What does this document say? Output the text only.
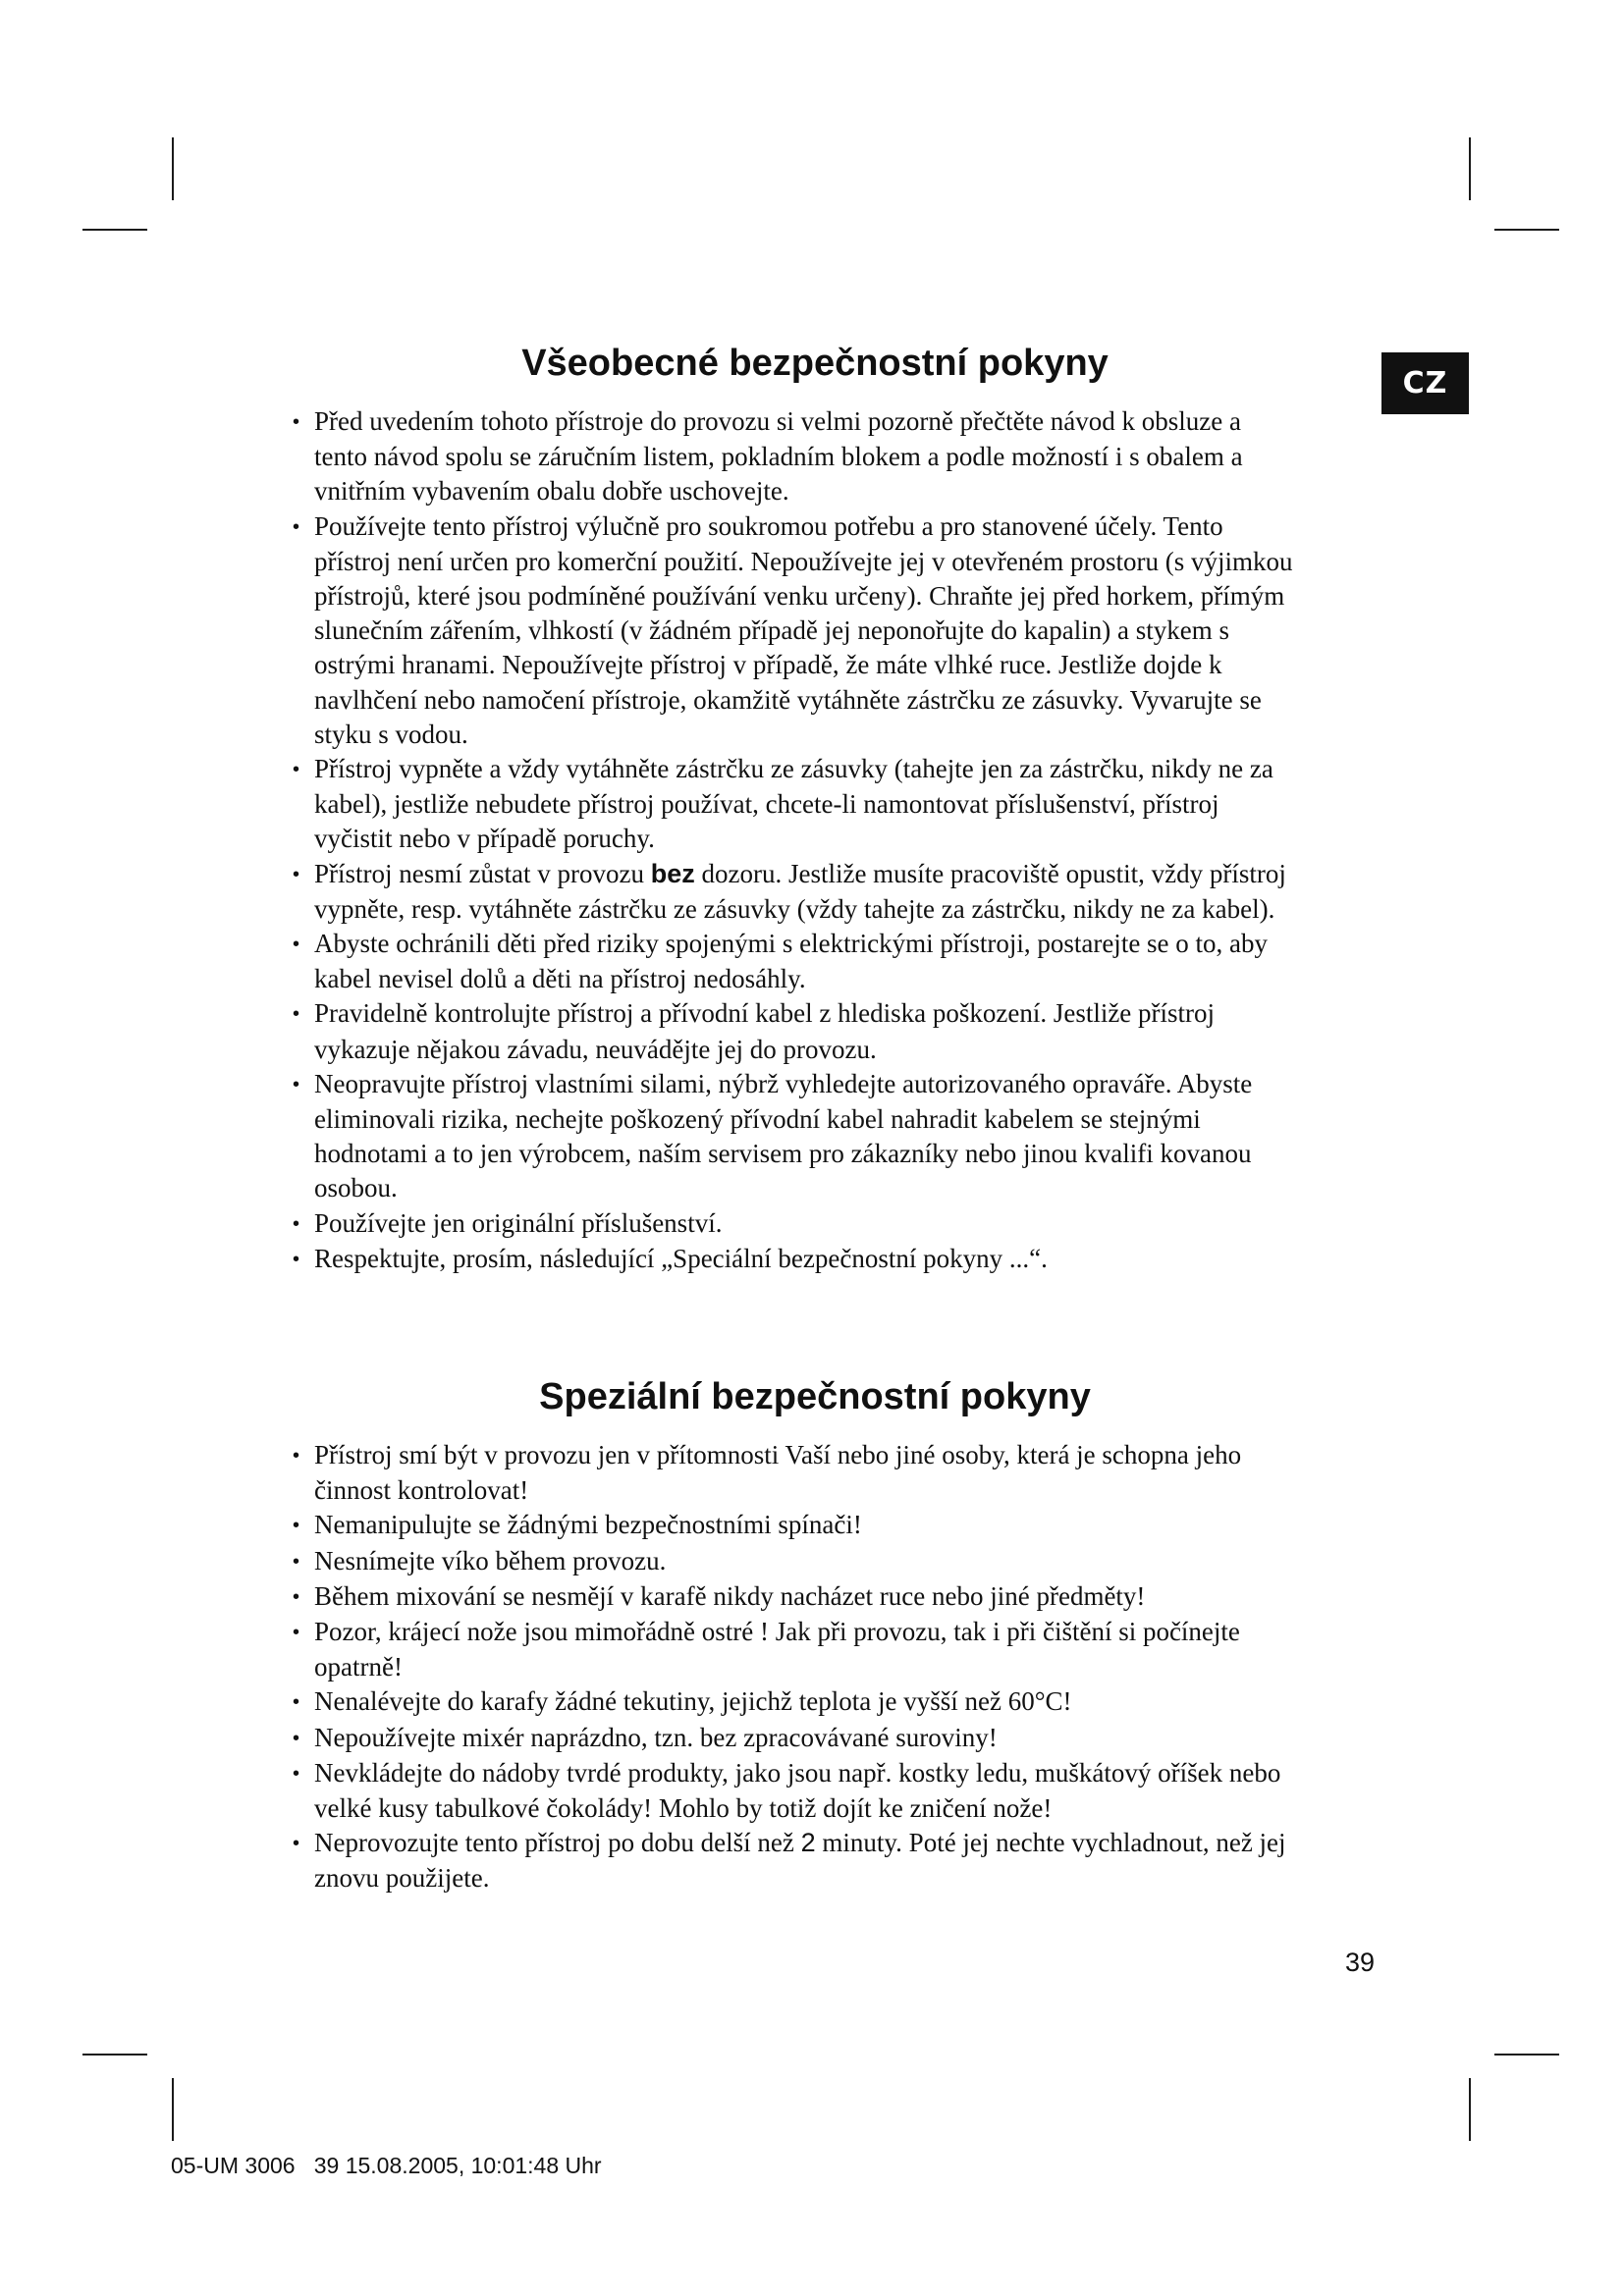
CZ
Všeobecné bezpečnostní pokyny
• Před uvedením tohoto přístroje do provozu si velmi pozorně přečtěte návod k obsluze a tento návod spolu se záručním listem, pokladním blokem a podle možností i s obalem a vnitřním vybavením obalu dobře uschovejte.
• Používejte tento přístroj výlučně pro soukromou potřebu a pro stanovené účely. Tento přístroj není určen pro komerční použití. Nepoužívejte jej v otevřeném prostoru (s výjimkou přístrojů, které jsou podmíněné používání venku určeny). Chraňte jej před horkem, přímým slunečním zářením, vlhkostí (v žádném případě jej neponořujte do kapalin) a stykem s ostrými hranami. Nepoužívejte přístroj v případě, že máte vlhké ruce. Jestliže dojde k navlhčení nebo namočení přístroje, okamžitě vytáhněte zástrčku ze zásuvky. Vyvarujte se styku s vodou.
• Přístroj vypněte a vždy vytáhněte zástrčku ze zásuvky (tahejte jen za zástrčku, nikdy ne za kabel), jestliže nebudete přístroj používat, chcete-li namontovat příslušenství, přístroj vyčistit nebo v případě poruchy.
• Přístroj nesmí zůstat v provozu bez dozoru. Jestliže musíte pracoviště opustit, vždy přístroj vypněte, resp. vytáhněte zástrčku ze zásuvky (vždy tahejte za zástrčku, nikdy ne za kabel).
• Abyste ochránili děti před riziky spojenými s elektrickými přístroji, postarejte se o to, aby kabel nevisel dolů a děti na přístroj nedosáhly.
• Pravidelně kontrolujte přístroj a přívodní kabel z hlediska poškození. Jestliže přístroj vykazuje nějakou závadu, neuvádějte jej do provozu.
• Neopravujte přístroj vlastními silami, nýbrž vyhledejte autorizovaného opraváře. Abyste eliminovali rizika, nechejte poškozený přívodní kabel nahradit kabelem se stejnými hodnotami a to jen výrobcem, naším servisem pro zákazníky nebo jinou kvalifi kovanou osobou.
• Používejte jen originální příslušenství.
• Respektujte, prosím, následující „Speciální bezpečnostní pokyny ...“.
Speziální bezpečnostní pokyny
• Přístroj smí být v provozu jen v přítomnosti Vaší nebo jiné osoby, která je schopna jeho činnost kontrolovat!
• Nemanipulujte se žádnými bezpečnostními spínači!
• Nesnímejte víko během provozu.
• Během mixování se nesmějí v karafě nikdy nacházet ruce nebo jiné předměty!
• Pozor, krájecí nože jsou mimořádně ostré ! Jak při provozu, tak i při čištění si počínejte opatrně!
• Nenalévejte do karafy žádné tekutiny, jejichž teplota je vyšší než 60°C!
• Nepoužívejte mixér naprázdno, tzn. bez zpracovávané suroviny!
• Nevkládejte do nádoby tvrdé produkty, jako jsou např. kostky ledu, muškátový oříšek nebo velké kusy tabulkové čokolády! Mohlo by totiž dojít ke zničení nože!
• Neprovozujte tento přístroj po dobu delší než 2 minuty. Poté jej nechte vychladnout, než jej znovu použijete.
39
05-UM 3006   39 15.08.2005, 10:01:48 Uhr
